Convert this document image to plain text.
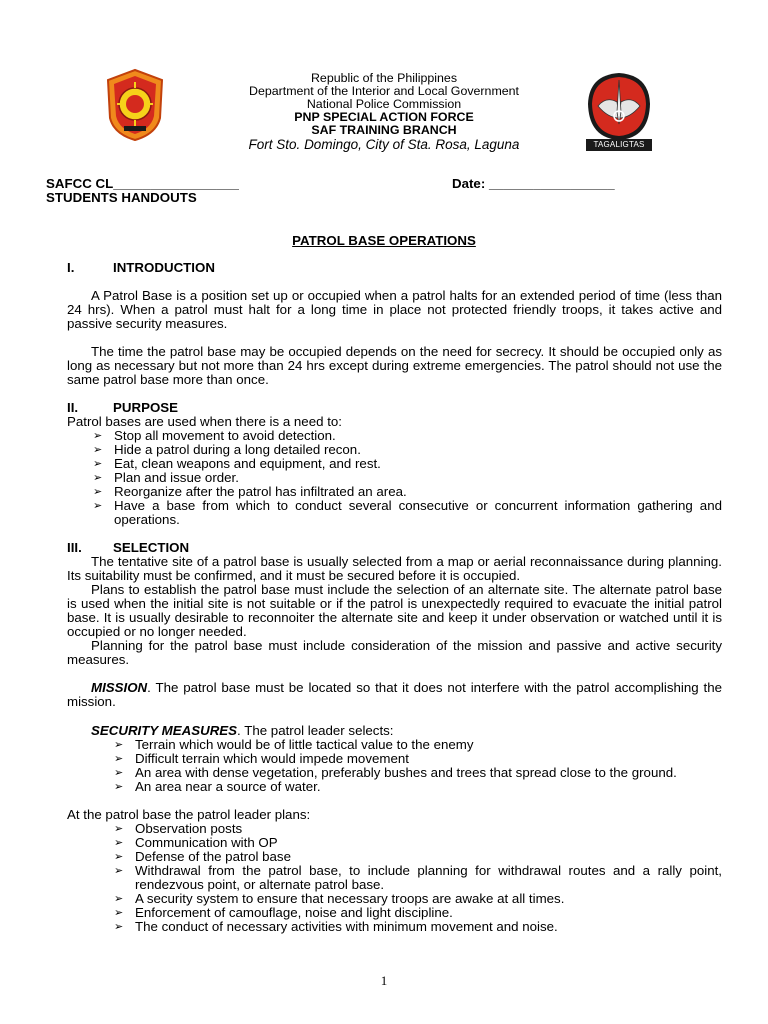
Republic of the Philippines
Department of the Interior and Local Government
National Police Commission
PNP SPECIAL ACTION FORCE
SAF TRAINING BRANCH
Fort Sto. Domingo, City of Sta. Rosa, Laguna	TAGALIGTAS
SAFCC CL_________________	Date: _________________
STUDENTS HANDOUTS
PATROL BASE OPERATIONS
I.	INTRODUCTION
A Patrol Base is a position set up or occupied when a patrol halts for an extended period of time (less than 24 hrs). When a patrol must halt for a long time in place not protected friendly troops, it takes active and passive security measures.
The time the patrol base may be occupied depends on the need for secrecy. It should be occupied only as long as necessary but not more than 24 hrs except during extreme emergencies. The patrol should not use the same patrol base more than once.
II.	PURPOSE
Patrol bases are used when there is a need to:
➢ Stop all movement to avoid detection.
➢ Hide a patrol during a long detailed recon.
➢ Eat, clean weapons and equipment, and rest.
➢ Plan and issue order.
➢ Reorganize after the patrol has infiltrated an area.
➢ Have a base from which to conduct several consecutive or concurrent information gathering and operations.
III. SELECTION
The tentative site of a patrol base is usually selected from a map or aerial reconnaissance during planning. Its suitability must be confirmed, and it must be secured before it is occupied.
Plans to establish the patrol base must include the selection of an alternate site. The alternate patrol base is used when the initial site is not suitable or if the patrol is unexpectedly required to evacuate the initial patrol base. It is usually desirable to reconnoiter the alternate site and keep it under observation or watched until it is occupied or no longer needed.
Planning for the patrol base must include consideration of the mission and passive and active security measures.
MISSION. The patrol base must be located so that it does not interfere with the patrol accomplishing the mission.
SECURITY MEASURES. The patrol leader selects:
➢ Terrain which would be of little tactical value to the enemy
➢ Difficult terrain which would impede movement
➢ An area with dense vegetation, preferably bushes and trees that spread close to the ground.
➢ An area near a source of water.
At the patrol base the patrol leader plans:
➢ Observation posts
➢ Communication with OP
➢ Defense of the patrol base
➢ Withdrawal from the patrol base, to include planning for withdrawal routes and a rally point, rendezvous point, or alternate patrol base.
➢ A security system to ensure that necessary troops are awake at all times.
➢ Enforcement of camouflage, noise and light discipline.
➢ The conduct of necessary activities with minimum movement and noise.
1
